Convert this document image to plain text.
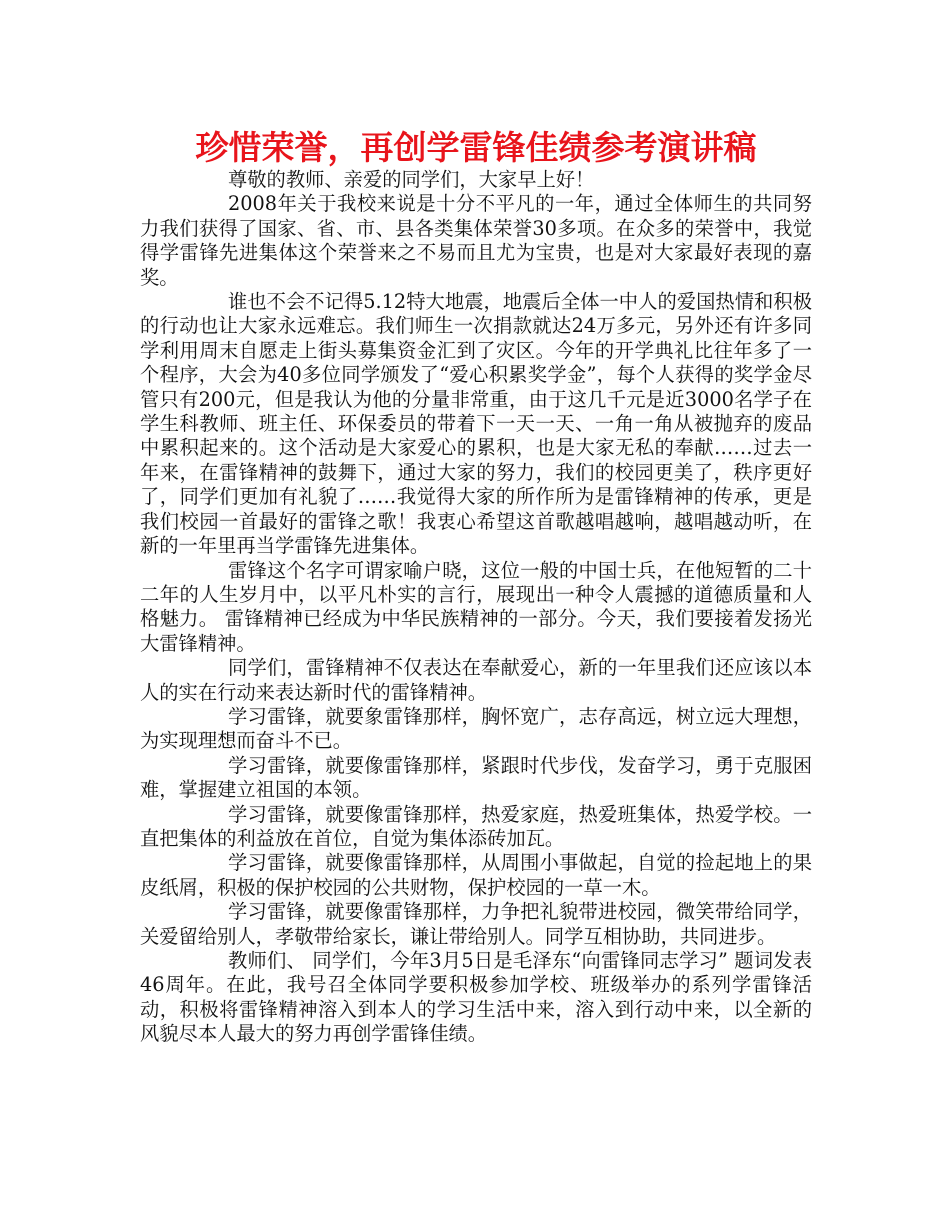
珍惜荣誉，再创学雷锋佳绩参考演讲稿

尊敬的教师、亲爱的同学们，大家早上好！

2008年关于我校来说是十分不平凡的一年，通过全体师生的共同努力我们获得了国家、省、市、县各类集体荣誉30多项。在众多的荣誉中，我觉得学雷锋先进集体这个荣誉来之不易而且尤为宝贵，也是对大家最好表现的嘉奖。

谁也不会不记得5.12特大地震，地震后全体一中人的爱国热情和积极的行动也让大家永远难忘。我们师生一次捐款就达24万多元，另外还有许多同学利用周末自愿走上街头募集资金汇到了灾区。今年的开学典礼比往年多了一个程序，大会为40多位同学颁发了“爱心积累奖学金”，每个人获得的奖学金尽管只有200元，但是我认为他的分量非常重，由于这几千元是近3000名学子在学生科教师、班主任、环保委员的带着下一天一天、一角一角从被抛弃的废品中累积起来的。这个活动是大家爱心的累积，也是大家无私的奉献……过去一年来，在雷锋精神的鼓舞下，通过大家的努力，我们的校园更美了，秩序更好了，同学们更加有礼貌了……我觉得大家的所作所为是雷锋精神的传承，更是我们校园一首最好的雷锋之歌！我衷心希望这首歌越唱越响，越唱越动听，在新的一年里再当学雷锋先进集体。

雷锋这个名字可谓家喻户晓，这位一般的中国士兵，在他短暂的二十二年的人生岁月中，以平凡朴实的言行，展现出一种令人震撼的道德质量和人格魅力。 雷锋精神已经成为中华民族精神的一部分。今天，我们要接着发扬光大雷锋精神。

同学们，雷锋精神不仅表达在奉献爱心，新的一年里我们还应该以本人的实在行动来表达新时代的雷锋精神。

学习雷锋，就要象雷锋那样，胸怀宽广，志存高远，树立远大理想，为实现理想而奋斗不已。

学习雷锋，就要像雷锋那样，紧跟时代步伐，发奋学习，勇于克服困难，掌握建立祖国的本领。

学习雷锋，就要像雷锋那样，热爱家庭，热爱班集体，热爱学校。一直把集体的利益放在首位，自觉为集体添砖加瓦。

学习雷锋，就要像雷锋那样，从周围小事做起，自觉的捡起地上的果皮纸屑，积极的保护校园的公共财物，保护校园的一草一木。

学习雷锋，就要像雷锋那样，力争把礼貌带进校园，微笑带给同学，关爱留给别人，孝敬带给家长，谦让带给别人。同学互相协助，共同进步。

教师们、 同学们，今年3月5日是毛泽东“向雷锋同志学习” 题词发表46周年。在此，我号召全体同学要积极参加学校、班级举办的系列学雷锋活动，积极将雷锋精神溶入到本人的学习生活中来，溶入到行动中来，以全新的风貌尽本人最大的努力再创学雷锋佳绩。
